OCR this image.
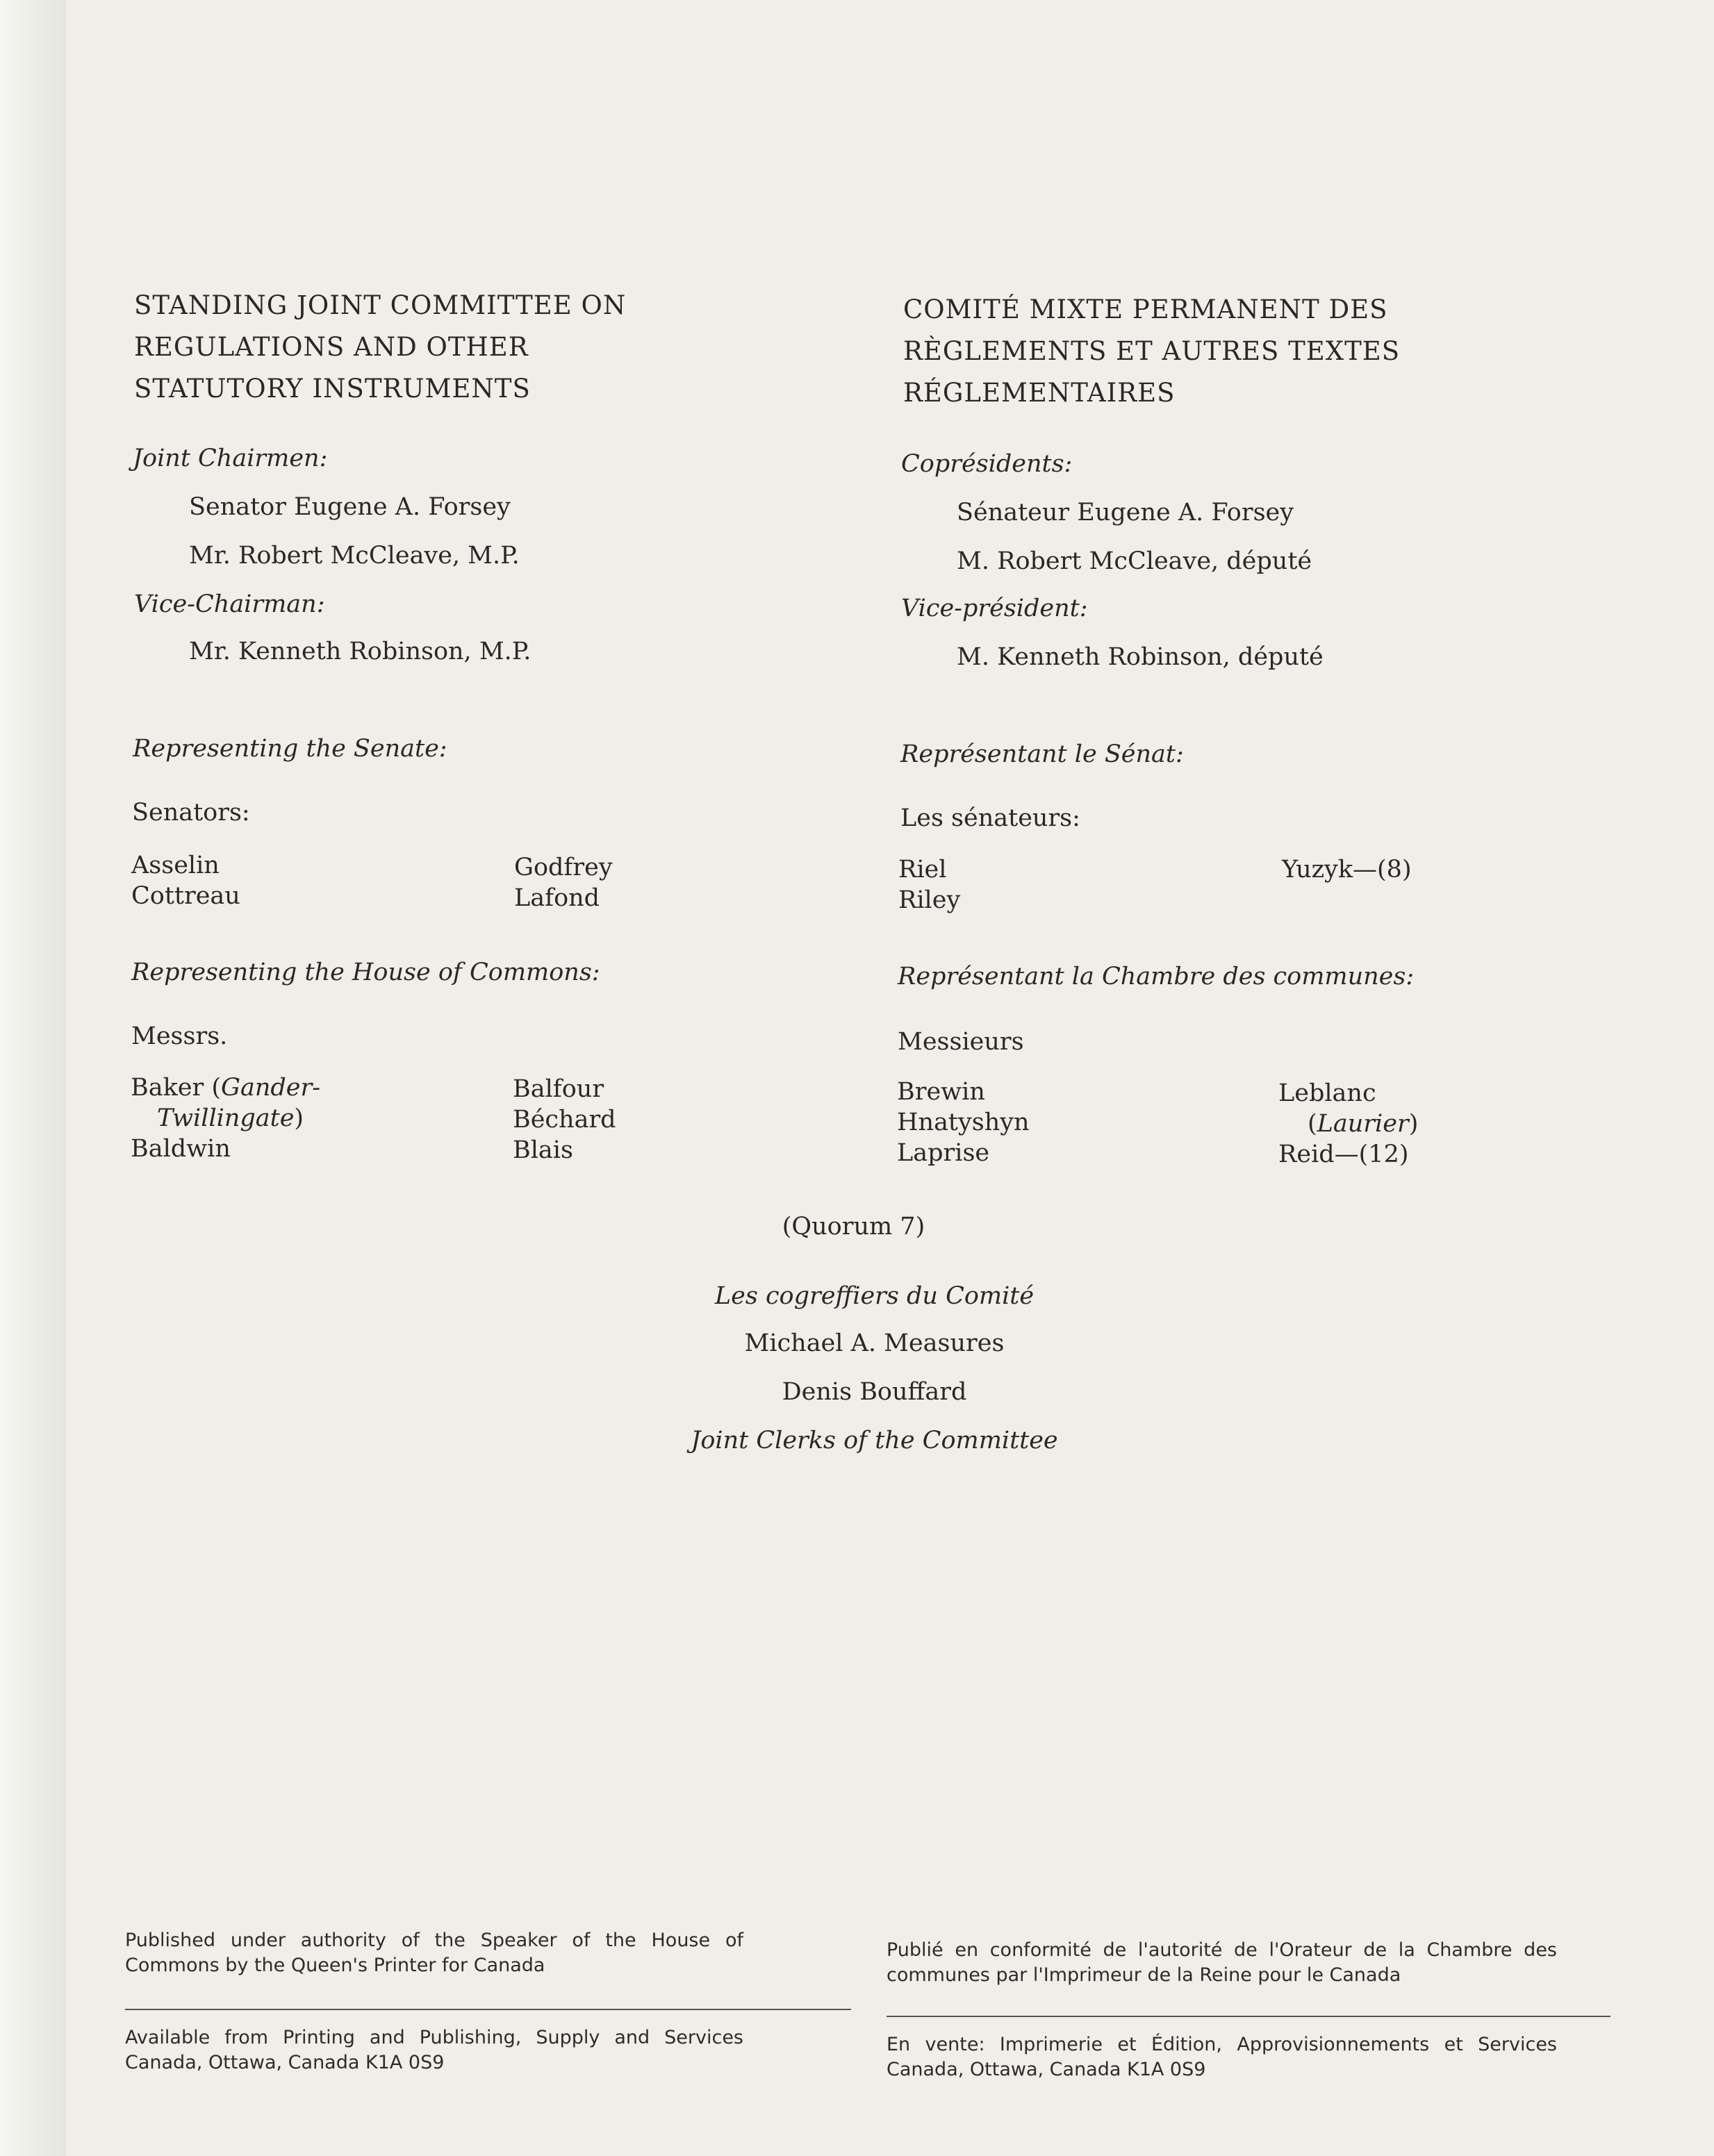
STANDING JOINT COMMITTEE ON
REGULATIONS AND OTHER
STATUTORY INSTRUMENTS
Joint Chairmen:
Senator Eugene A. Forsey
Mr. Robert McCleave, M.P.
Vice-Chairman:
Mr. Kenneth Robinson, M.P.
Representing the Senate:
Senators:
Asselin
Cottreau
Godfrey
Lafond
Representing the House of Commons:
Messrs.
Baker (Gander-
Twillingate)
Baldwin
Balfour
Béchard
Blais
COMITÉ MIXTE PERMANENT DES
RÈGLEMENTS ET AUTRES TEXTES
RÉGLEMENTAIRES
Coprésidents:
Sénateur Eugene A. Forsey
M. Robert McCleave, député
Vice-président:
M. Kenneth Robinson, député
Représentant le Sénat:
Les sénateurs:
Riel
Riley
Yuzyk—(8)
Représentant la Chambre des communes:
Messieurs
Brewin
Hnatyshyn
Laprise
Leblanc
(Laurier)
Reid—(12)
(Quorum 7)
Les cogreffiers du Comité
Michael A. Measures
Denis Bouffard
Joint Clerks of the Committee
Published under authority of the Speaker of the House of Commons by the Queen's Printer for Canada
Publié en conformité de l'autorité de l'Orateur de la Chambre des communes par l'Imprimeur de la Reine pour le Canada
Available from Printing and Publishing, Supply and Services Canada, Ottawa, Canada K1A 0S9
En vente: Imprimerie et Édition, Approvisionnements et Services Canada, Ottawa, Canada K1A 0S9
